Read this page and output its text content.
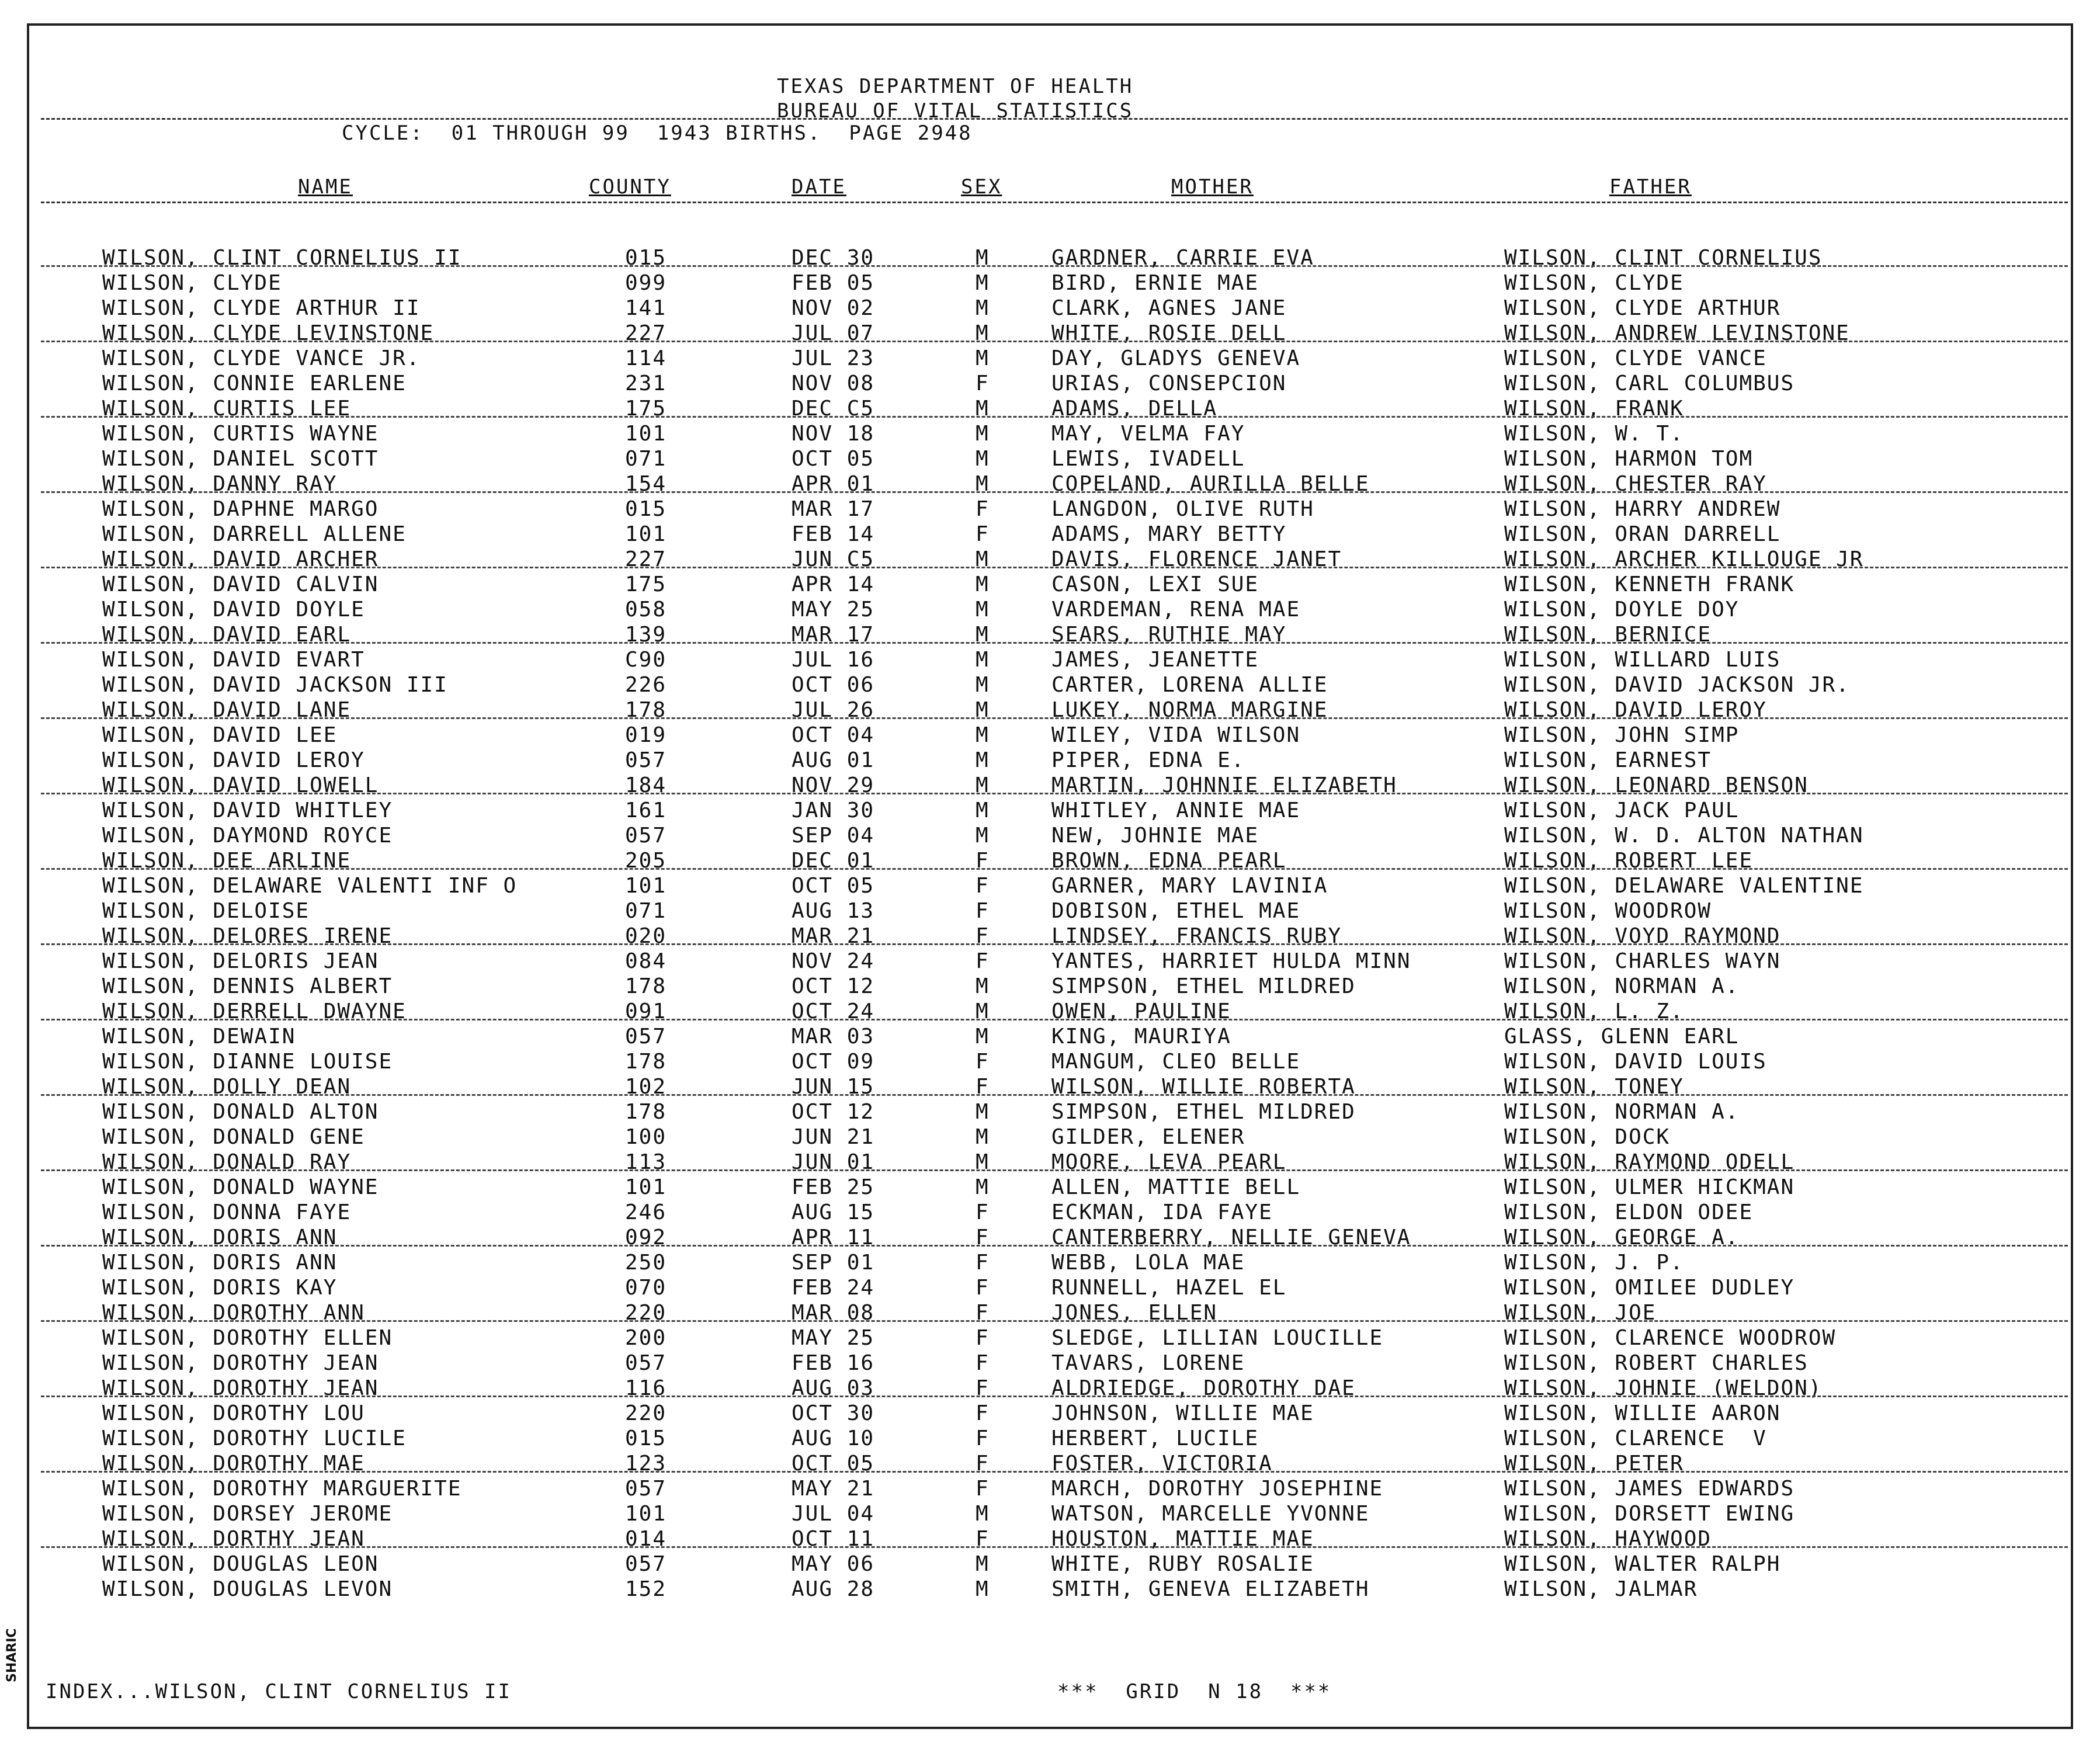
TEXAS DEPARTMENT OF HEALTH
BUREAU OF VITAL STATISTICS
CYCLE:  01 THROUGH 99  1943 BIRTHS.  PAGE 2948
NAME	COUNTY	DATE	SEX	MOTHER	FATHER
WILSON, CLINT CORNELIUS II	015	DEC 30	M	GARDNER, CARRIE EVA	WILSON, CLINT CORNELIUS
WILSON, CLYDE	099	FEB 05	M	BIRD, ERNIE MAE	WILSON, CLYDE
WILSON, CLYDE ARTHUR II	141	NOV 02	M	CLARK, AGNES JANE	WILSON, CLYDE ARTHUR
WILSON, CLYDE LEVINSTONE	227	JUL 07	M	WHITE, ROSIE DELL	WILSON, ANDREW LEVINSTONE
WILSON, CLYDE VANCE JR.	114	JUL 23	M	DAY, GLADYS GENEVA	WILSON, CLYDE VANCE
WILSON, CONNIE EARLENE	231	NOV 08	F	URIAS, CONSEPCION	WILSON, CARL COLUMBUS
WILSON, CURTIS LEE	175	DEC C5	M	ADAMS, DELLA	WILSON, FRANK
WILSON, CURTIS WAYNE	101	NOV 18	M	MAY, VELMA FAY	WILSON, W. T.
WILSON, DANIEL SCOTT	071	OCT 05	M	LEWIS, IVADELL	WILSON, HARMON TOM
WILSON, DANNY RAY	154	APR 01	M	COPELAND, AURILLA BELLE	WILSON, CHESTER RAY
WILSON, DAPHNE MARGO	015	MAR 17	F	LANGDON, OLIVE RUTH	WILSON, HARRY ANDREW
WILSON, DARRELL ALLENE	101	FEB 14	F	ADAMS, MARY BETTY	WILSON, ORAN DARRELL
WILSON, DAVID ARCHER	227	JUN C5	M	DAVIS, FLORENCE JANET	WILSON, ARCHER KILLOUGE JR
WILSON, DAVID CALVIN	175	APR 14	M	CASON, LEXI SUE	WILSON, KENNETH FRANK
WILSON, DAVID DOYLE	058	MAY 25	M	VARDEMAN, RENA MAE	WILSON, DOYLE DOY
WILSON, DAVID EARL	139	MAR 17	M	SEARS, RUTHIE MAY	WILSON, BERNICE
WILSON, DAVID EVART	C90	JUL 16	M	JAMES, JEANETTE	WILSON, WILLARD LUIS
WILSON, DAVID JACKSON III	226	OCT 06	M	CARTER, LORENA ALLIE	WILSON, DAVID JACKSON JR.
WILSON, DAVID LANE	178	JUL 26	M	LUKEY, NORMA MARGINE	WILSON, DAVID LEROY
WILSON, DAVID LEE	019	OCT 04	M	WILEY, VIDA WILSON	WILSON, JOHN SIMP
WILSON, DAVID LEROY	057	AUG 01	M	PIPER, EDNA E.	WILSON, EARNEST
WILSON, DAVID LOWELL	184	NOV 29	M	MARTIN, JOHNNIE ELIZABETH	WILSON, LEONARD BENSON
WILSON, DAVID WHITLEY	161	JAN 30	M	WHITLEY, ANNIE MAE	WILSON, JACK PAUL
WILSON, DAYMOND ROYCE	057	SEP 04	M	NEW, JOHNIE MAE	WILSON, W. D. ALTON NATHAN
WILSON, DEE ARLINE	205	DEC 01	F	BROWN, EDNA PEARL	WILSON, ROBERT LEE
WILSON, DELAWARE VALENTI INF O	101	OCT 05	F	GARNER, MARY LAVINIA	WILSON, DELAWARE VALENTINE
WILSON, DELOISE	071	AUG 13	F	DOBISON, ETHEL MAE	WILSON, WOODROW
WILSON, DELORES IRENE	020	MAR 21	F	LINDSEY, FRANCIS RUBY	WILSON, VOYD RAYMOND
WILSON, DELORIS JEAN	084	NOV 24	F	YANTES, HARRIET HULDA MINN	WILSON, CHARLES WAYN
WILSON, DENNIS ALBERT	178	OCT 12	M	SIMPSON, ETHEL MILDRED	WILSON, NORMAN A.
WILSON, DERRELL DWAYNE	091	OCT 24	M	OWEN, PAULINE	WILSON, L. Z.
WILSON, DEWAIN	057	MAR 03	M	KING, MAURIYA	GLASS, GLENN EARL
WILSON, DIANNE LOUISE	178	OCT 09	F	MANGUM, CLEO BELLE	WILSON, DAVID LOUIS
WILSON, DOLLY DEAN	102	JUN 15	F	WILSON, WILLIE ROBERTA	WILSON, TONEY
WILSON, DONALD ALTON	178	OCT 12	M	SIMPSON, ETHEL MILDRED	WILSON, NORMAN A.
WILSON, DONALD GENE	100	JUN 21	M	GILDER, ELENER	WILSON, DOCK
WILSON, DONALD RAY	113	JUN 01	M	MOORE, LEVA PEARL	WILSON, RAYMOND ODELL
WILSON, DONALD WAYNE	101	FEB 25	M	ALLEN, MATTIE BELL	WILSON, ULMER HICKMAN
WILSON, DONNA FAYE	246	AUG 15	F	ECKMAN, IDA FAYE	WILSON, ELDON ODEE
WILSON, DORIS ANN	092	APR 11	F	CANTERBERRY, NELLIE GENEVA	WILSON, GEORGE A.
WILSON, DORIS ANN	250	SEP 01	F	WEBB, LOLA MAE	WILSON, J. P.
WILSON, DORIS KAY	070	FEB 24	F	RUNNELL, HAZEL EL	WILSON, OMILEE DUDLEY
WILSON, DOROTHY ANN	220	MAR 08	F	JONES, ELLEN	WILSON, JOE
WILSON, DOROTHY ELLEN	200	MAY 25	F	SLEDGE, LILLIAN LOUCILLE	WILSON, CLARENCE WOODROW
WILSON, DOROTHY JEAN	057	FEB 16	F	TAVARS, LORENE	WILSON, ROBERT CHARLES
WILSON, DOROTHY JEAN	116	AUG 03	F	ALDRIEDGE, DOROTHY DAE	WILSON, JOHNIE (WELDON)
WILSON, DOROTHY LOU	220	OCT 30	F	JOHNSON, WILLIE MAE	WILSON, WILLIE AARON
WILSON, DOROTHY LUCILE	015	AUG 10	F	HERBERT, LUCILE	WILSON, CLARENCE  V
WILSON, DOROTHY MAE	123	OCT 05	F	FOSTER, VICTORIA	WILSON, PETER
WILSON, DOROTHY MARGUERITE	057	MAY 21	F	MARCH, DOROTHY JOSEPHINE	WILSON, JAMES EDWARDS
WILSON, DORSEY JEROME	101	JUL 04	M	WATSON, MARCELLE YVONNE	WILSON, DORSETT EWING
WILSON, DORTHY JEAN	014	OCT 11	F	HOUSTON, MATTIE MAE	WILSON, HAYWOOD
WILSON, DOUGLAS LEON	057	MAY 06	M	WHITE, RUBY ROSALIE	WILSON, WALTER RALPH
WILSON, DOUGLAS LEVON	152	AUG 28	M	SMITH, GENEVA ELIZABETH	WILSON, JALMAR
INDEX...WILSON, CLINT CORNELIUS II	***  GRID  N 18  ***
SHARIC
